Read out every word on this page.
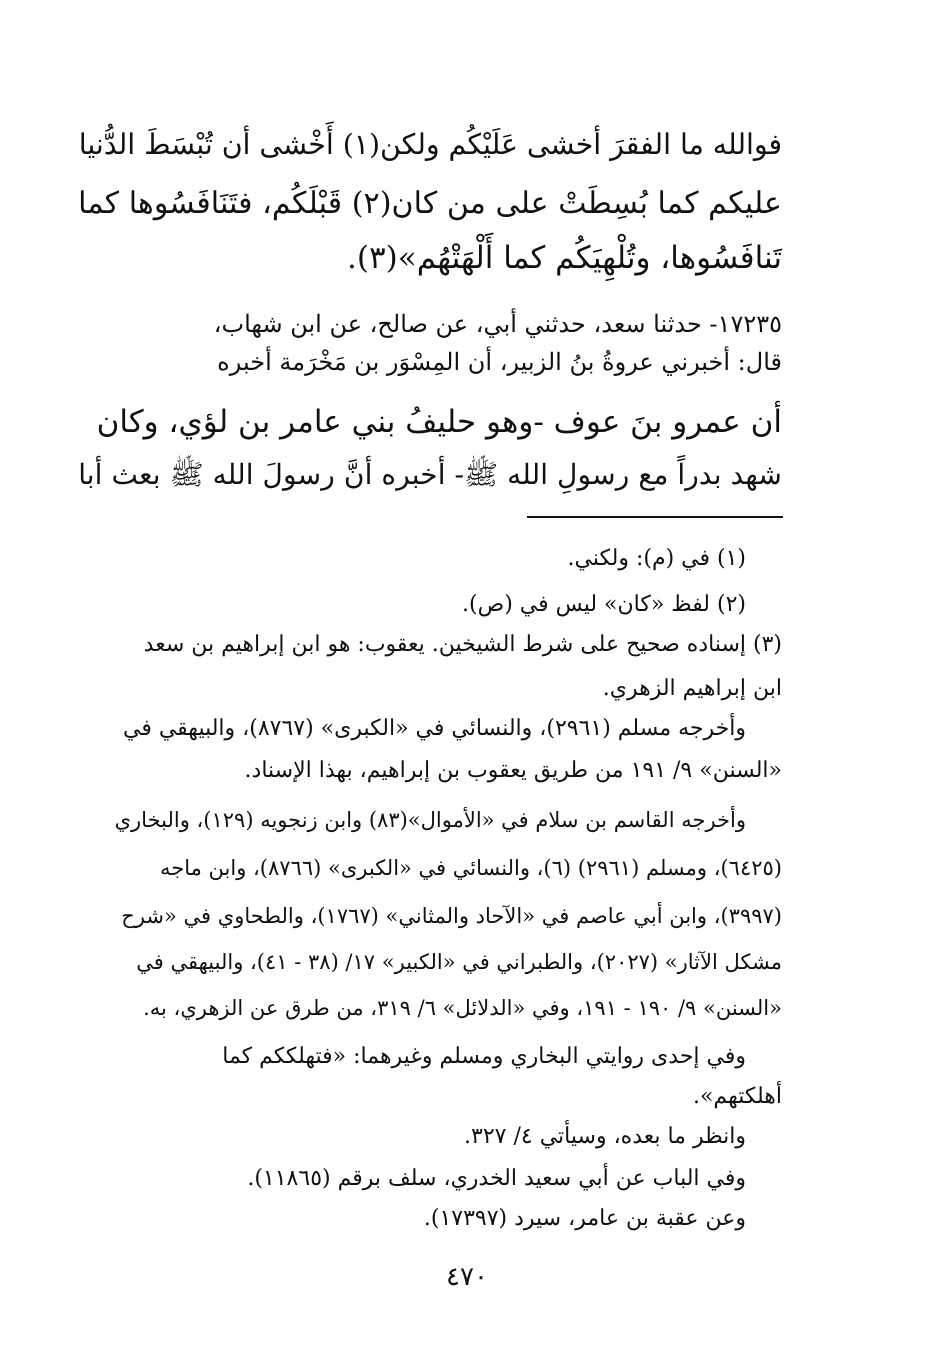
فوالله ما الفقرَ أخشى عَلَيْكُم ولكن(١) أَخْشى أن تُبْسَطَ الدُّنيا
عليكم كما بُسِطَتْ على من كان(٢) قَبْلَكُم، فتَنَافَسُوها كما
تَنافَسُوها، وتُلْهِيَكُم كما أَلْهَتْهُم»(٣).
١٧٢٣٥- حدثنا سعد، حدثني أبي، عن صالح، عن ابن شهاب،
قال: أخبرني عروةُ بنُ الزبير، أن المِسْوَر بن مَخْرَمة أخبره
أن عمرو بنَ عوف -وهو حليفُ بني عامر بن لؤي، وكان
شهد بدراً مع رسولِ الله ﷺ- أخبره أنَّ رسولَ الله ﷺ بعث أبا
(١) في (م): ولكني.
(٢) لفظ «كان» ليس في (ص).
(٣) إسناده صحيح على شرط الشيخين. يعقوب: هو ابن إبراهيم بن سعد
ابن إبراهيم الزهري.
وأخرجه مسلم (٢٩٦١)، والنسائي في «الكبرى» (٨٧٦٧)، والبيهقي في
«السنن» ٩/ ١٩١ من طريق يعقوب بن إبراهيم، بهذا الإسناد.
وأخرجه القاسم بن سلام في «الأموال»(٨٣) وابن زنجويه (١٢٩)، والبخاري
(٦٤٢٥)، ومسلم (٢٩٦١) (٦)، والنسائي في «الكبرى» (٨٧٦٦)، وابن ماجه
(٣٩٩٧)، وابن أبي عاصم في «الآحاد والمثاني» (١٧٦٧)، والطحاوي في «شرح
مشكل الآثار» (٢٠٢٧)، والطبراني في «الكبير» ١٧/ (٣٨ - ٤١)، والبيهقي في
«السنن» ٩/ ١٩٠ - ١٩١، وفي «الدلائل» ٦/ ٣١٩، من طرق عن الزهري، به.
وفي إحدى روايتي البخاري ومسلم وغيرهما: «فتهلككم كما
أهلكتهم».
وانظر ما بعده، وسيأتي ٤/ ٣٢٧.
وفي الباب عن أبي سعيد الخدري، سلف برقم (١١٨٦٥).
وعن عقبة بن عامر، سيرد (١٧٣٩٧).
٤٧٠
